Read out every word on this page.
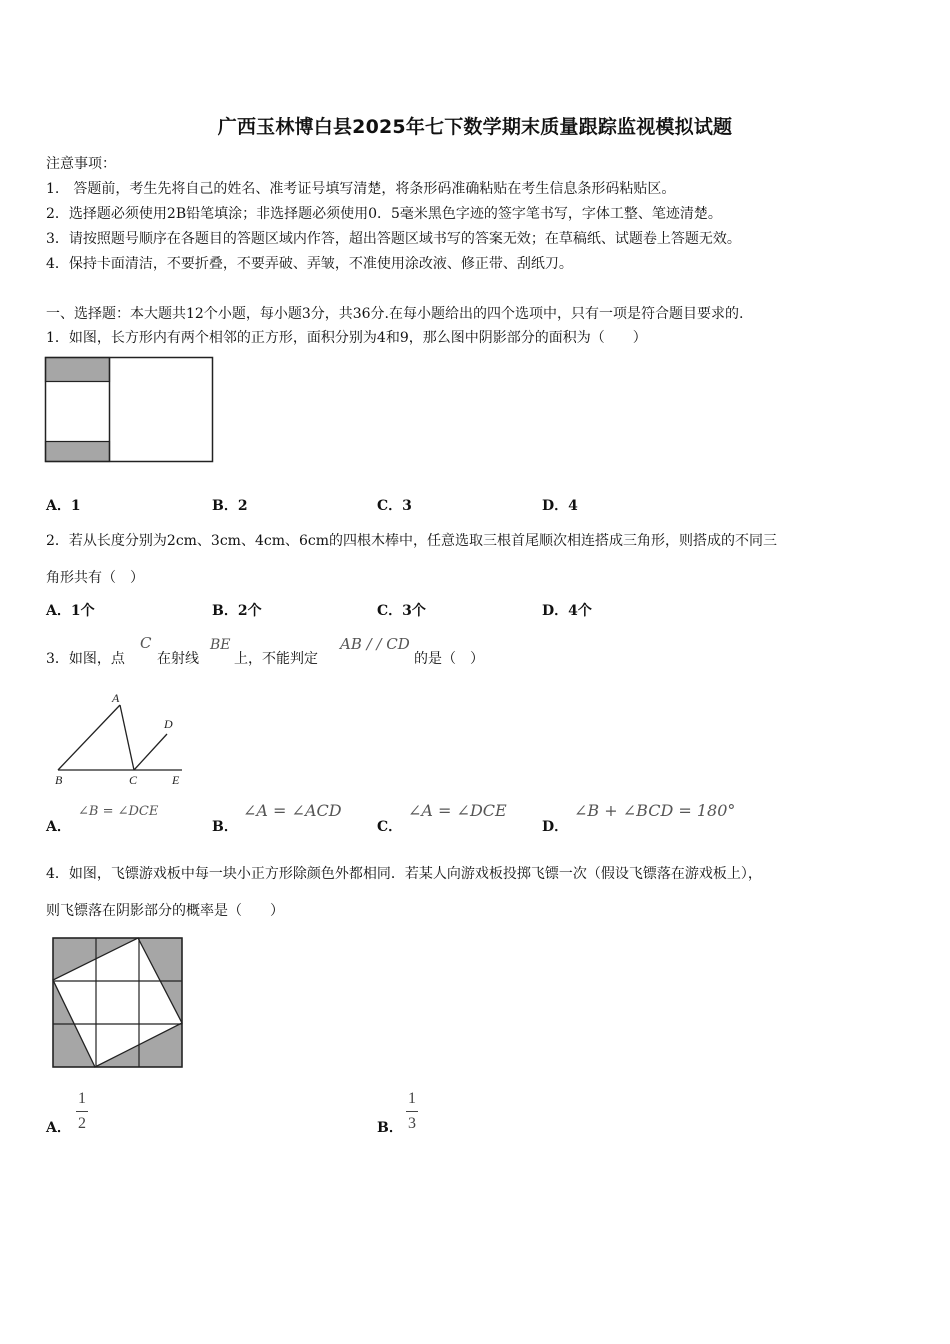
广西玉林博白县2025年七下数学期末质量跟踪监视模拟试题
注意事项：
1.　答题前，考生先将自己的姓名、准考证号填写清楚，将条形码准确粘贴在考生信息条形码粘贴区。
2．选择题必须使用2B铅笔填涂；非选择题必须使用0．5毫米黑色字迹的签字笔书写，字体工整、笔迹清楚。
3．请按照题号顺序在各题目的答题区域内作答，超出答题区域书写的答案无效；在草稿纸、试题卷上答题无效。
4．保持卡面清洁，不要折叠，不要弄破、弄皱，不准使用涂改液、修正带、刮纸刀。
一、选择题：本大题共12个小题，每小题3分，共36分.在每小题给出的四个选项中，只有一项是符合题目要求的.
1．如图，长方形内有两个相邻的正方形，面积分别为4和9，那么图中阴影部分的面积为（　　）
A．1	B．2	C．3	D．4
2．若从长度分别为2cm、3cm、4cm、6cm的四根木棒中，任意选取三根首尾顺次相连搭成三角形，则搭成的不同三
角形共有（　）
A．1个	B．2个	C．3个	D．4个
3．如图，点
C
在射线
BE
上，不能判定
AB / / CD
的是（　）
A
B	C
D
E
A．
∠B = ∠DCE
B．
∠A = ∠ACD
C．
∠A = ∠DCE
D．
∠B + ∠BCD = 180°
4．如图，飞镖游戏板中每一块小正方形除颜色外都相同．若某人向游戏板投掷飞镖一次（假设飞镖落在游戏板上），
则飞镖落在阴影部分的概率是（　　）
A．
1
2	B．
1
3
